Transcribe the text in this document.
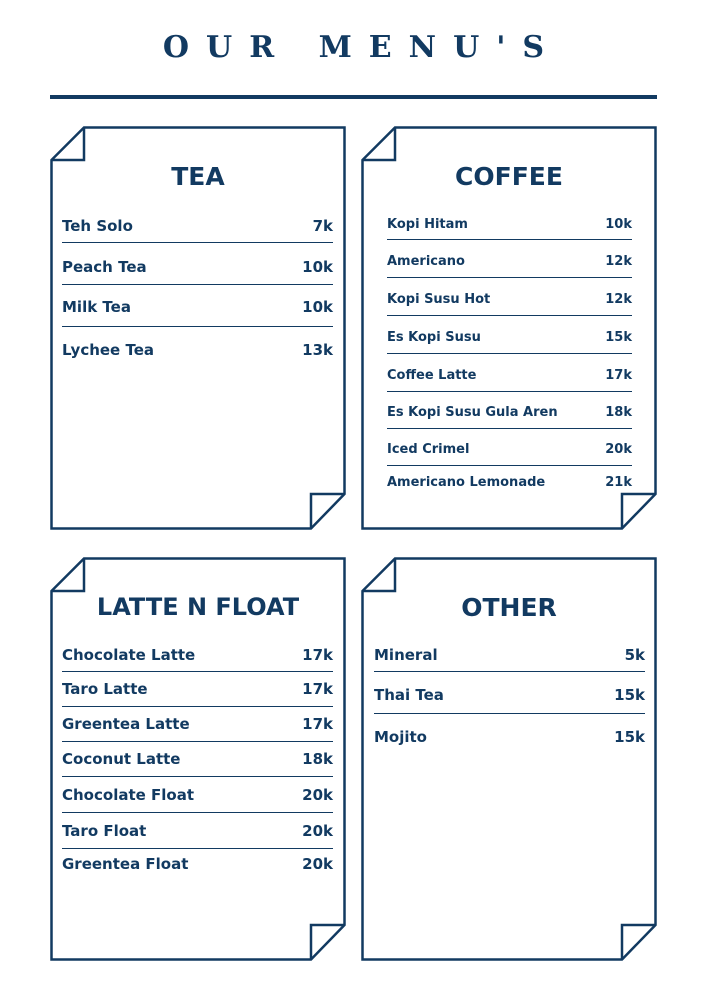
OUR MENU'S
TEA
Teh Solo	7k
Peach Tea	10k
Milk Tea	10k
Lychee Tea	13k
COFFEE
Kopi Hitam	10k
Americano	12k
Kopi Susu Hot	12k
Es Kopi Susu	15k
Coffee Latte	17k
Es Kopi Susu Gula Aren	18k
Iced Crimel	20k
Americano Lemonade	21k
LATTE N FLOAT
Chocolate Latte	17k
Taro Latte	17k
Greentea Latte	17k
Coconut Latte	18k
Chocolate Float	20k
Taro Float	20k
Greentea Float	20k
OTHER
Mineral	5k
Thai Tea	15k
Mojito	15k
